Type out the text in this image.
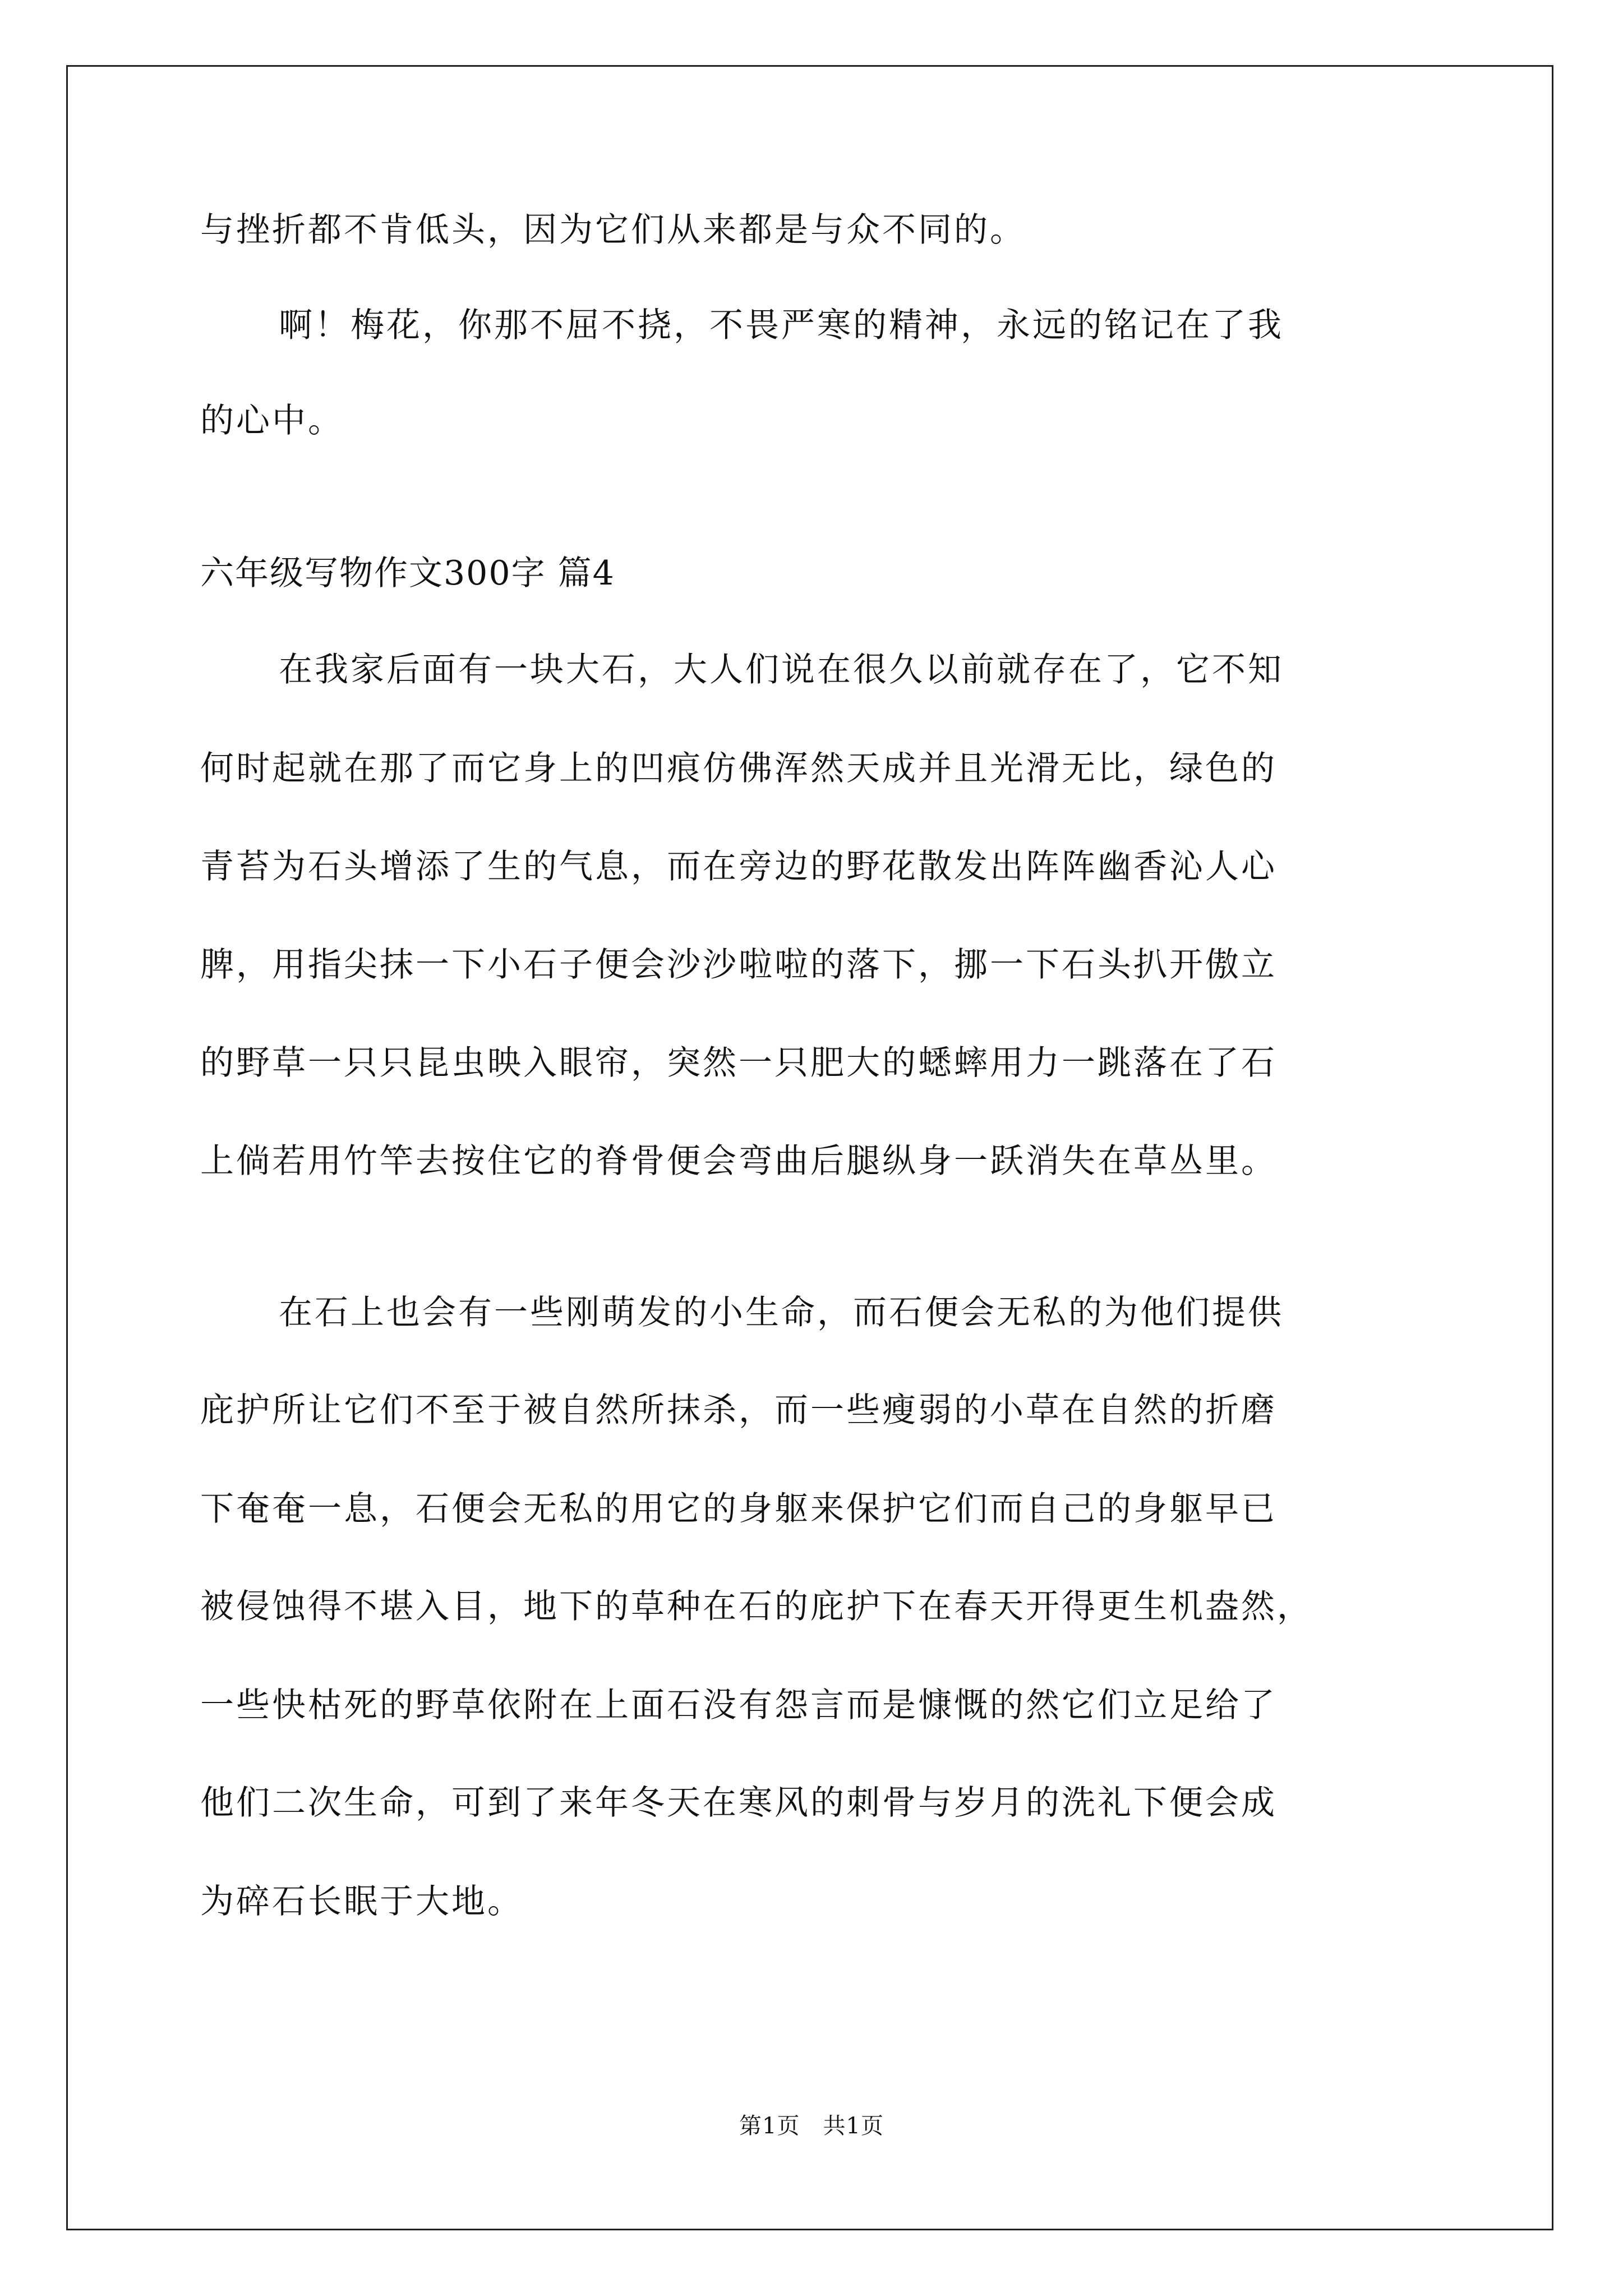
与挫折都不肯低头，因为它们从来都是与众不同的。
啊！梅花，你那不屈不挠，不畏严寒的精神，永远的铭记在了我
的心中。
六年级写物作文300字 篇4
在我家后面有一块大石，大人们说在很久以前就存在了，它不知
何时起就在那了而它身上的凹痕仿佛浑然天成并且光滑无比，绿色的
青苔为石头增添了生的气息，而在旁边的野花散发出阵阵幽香沁人心
脾，用指尖抹一下小石子便会沙沙啦啦的落下，挪一下石头扒开傲立
的野草一只只昆虫映入眼帘，突然一只肥大的蟋蟀用力一跳落在了石
上倘若用竹竿去按住它的脊骨便会弯曲后腿纵身一跃消失在草丛里。
在石上也会有一些刚萌发的小生命，而石便会无私的为他们提供
庇护所让它们不至于被自然所抹杀，而一些瘦弱的小草在自然的折磨
下奄奄一息，石便会无私的用它的身躯来保护它们而自己的身躯早已
被侵蚀得不堪入目，地下的草种在石的庇护下在春天开得更生机盎然，
一些快枯死的野草依附在上面石没有怨言而是慷慨的然它们立足给了
他们二次生命，可到了来年冬天在寒风的刺骨与岁月的洗礼下便会成
为碎石长眠于大地。
第1页　共1页
